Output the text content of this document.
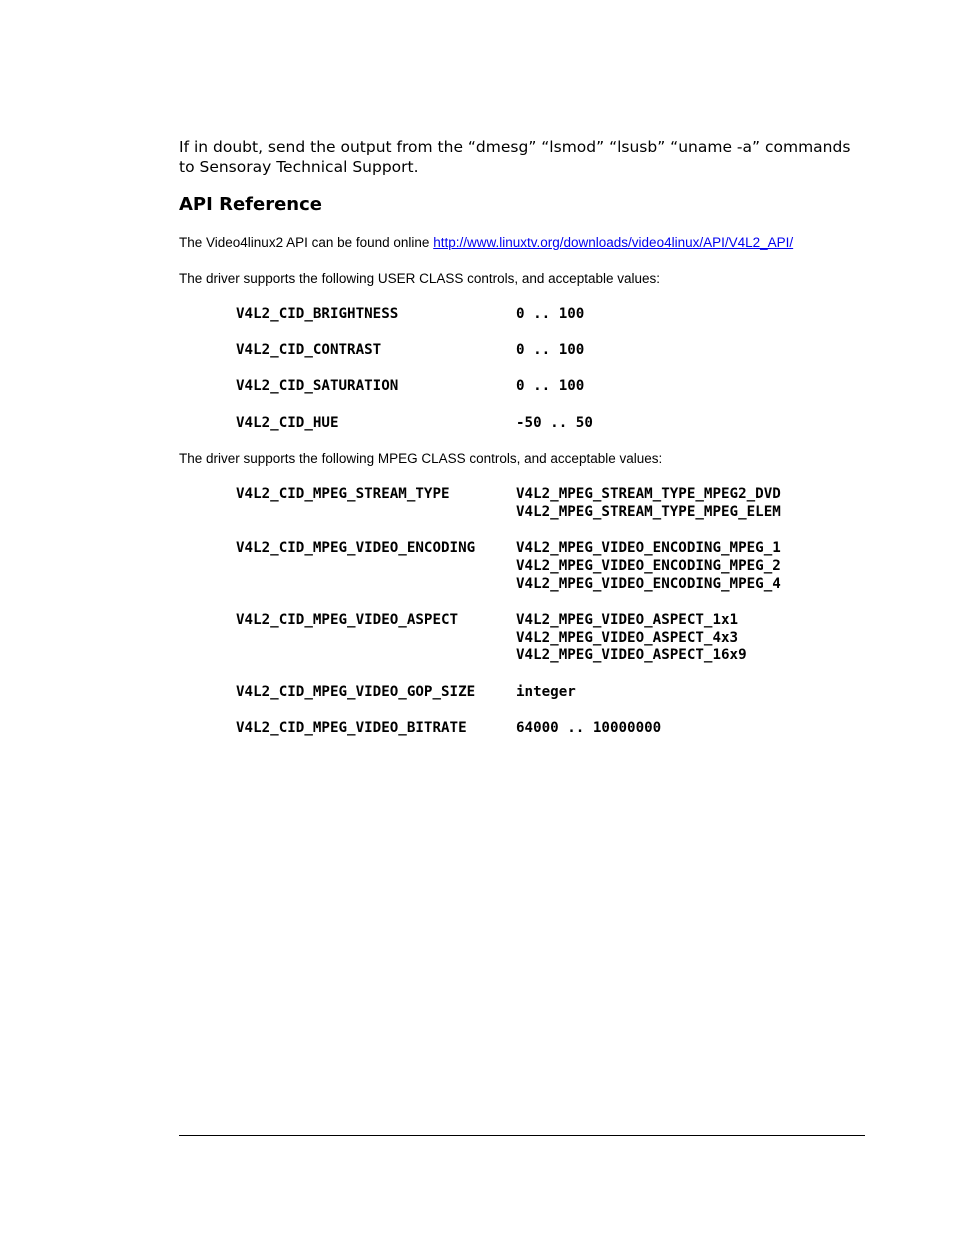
If in doubt, send the output from the “dmesg” “lsmod” “lsusb” “uname -a” commands
to Sensoray Technical Support.

API Reference

The Video4linux2 API can be found online http://www.linuxtv.org/downloads/video4linux/API/V4L2_API/

The driver supports the following USER CLASS controls, and acceptable values:

V4L2_CID_BRIGHTNESS	0 .. 100
V4L2_CID_CONTRAST	0 .. 100
V4L2_CID_SATURATION	0 .. 100
V4L2_CID_HUE	-50 .. 50

The driver supports the following MPEG CLASS controls, and acceptable values:

V4L2_CID_MPEG_STREAM_TYPE	V4L2_MPEG_STREAM_TYPE_MPEG2_DVD
V4L2_MPEG_STREAM_TYPE_MPEG_ELEM
V4L2_CID_MPEG_VIDEO_ENCODING	V4L2_MPEG_VIDEO_ENCODING_MPEG_1
V4L2_MPEG_VIDEO_ENCODING_MPEG_2
V4L2_MPEG_VIDEO_ENCODING_MPEG_4
V4L2_CID_MPEG_VIDEO_ASPECT	V4L2_MPEG_VIDEO_ASPECT_1x1
V4L2_MPEG_VIDEO_ASPECT_4x3
V4L2_MPEG_VIDEO_ASPECT_16x9
V4L2_CID_MPEG_VIDEO_GOP_SIZE	integer
V4L2_CID_MPEG_VIDEO_BITRATE	64000 .. 10000000
